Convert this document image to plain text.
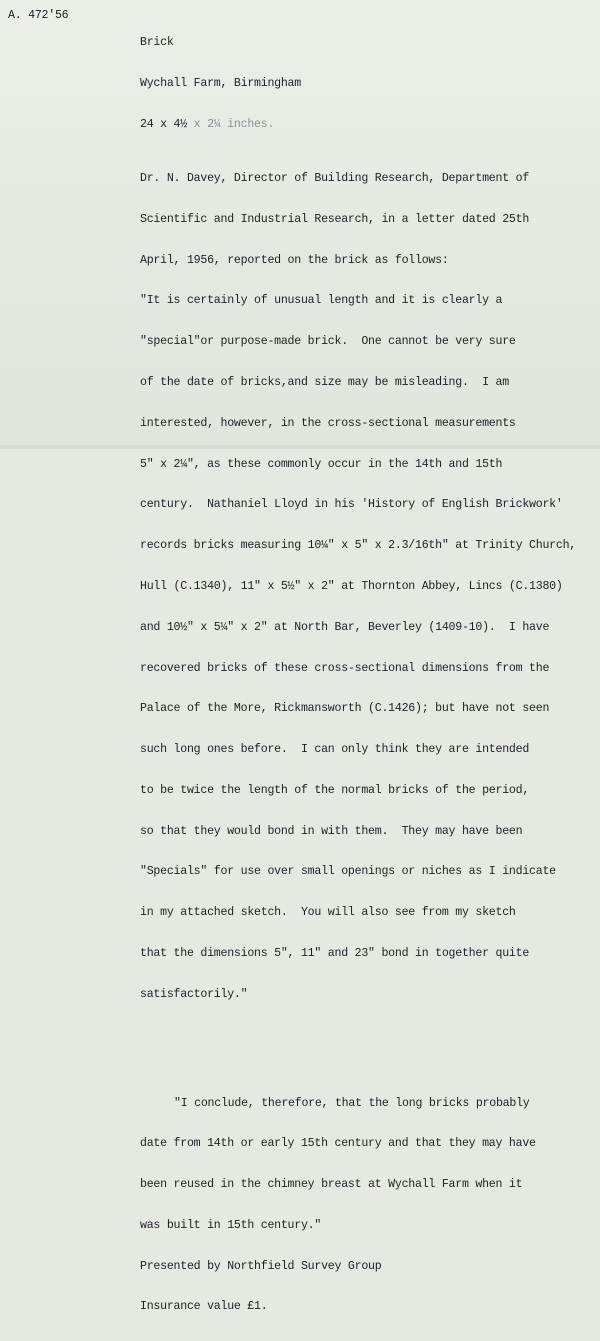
A. 472'56

Brick

Wychall Farm, Birmingham

24 x 4½ x 2¼ inches.

Dr. N. Davey, Director of Building Research, Department of

Scientific and Industrial Research, in a letter dated 25th

April, 1956, reported on the brick as follows:

"It is certainly of unusual length and it is clearly a

"special"or purpose-made brick.  One cannot be very sure

of the date of bricks,and size may be misleading.  I am

interested, however, in the cross-sectional measurements

5" x 2¼", as these commonly occur in the 14th and 15th

century.  Nathaniel Lloyd in his 'History of English Brickwork'

records bricks measuring 10¼" x 5" x 2.3/16th" at Trinity Church,

Hull (C.1340), 11" x 5½" x 2" at Thornton Abbey, Lincs (C.1380)

and 10½" x 5¼" x 2" at North Bar, Beverley (1409-10).  I have

recovered bricks of these cross-sectional dimensions from the

Palace of the More, Rickmansworth (C.1426); but have not seen

such long ones before.  I can only think they are intended

to be twice the length of the normal bricks of the period,

so that they would bond in with them.  They may have been

"Specials" for use over small openings or niches as I indicate

in my attached sketch.  You will also see from my sketch

that the dimensions 5", 11" and 23" bond in together quite

satisfactorily."

"I conclude, therefore, that the long bricks probably

date from 14th or early 15th century and that they may have

been reused in the chimney breast at Wychall Farm when it

was built in 15th century."

Presented by Northfield Survey Group

Insurance value £1.
